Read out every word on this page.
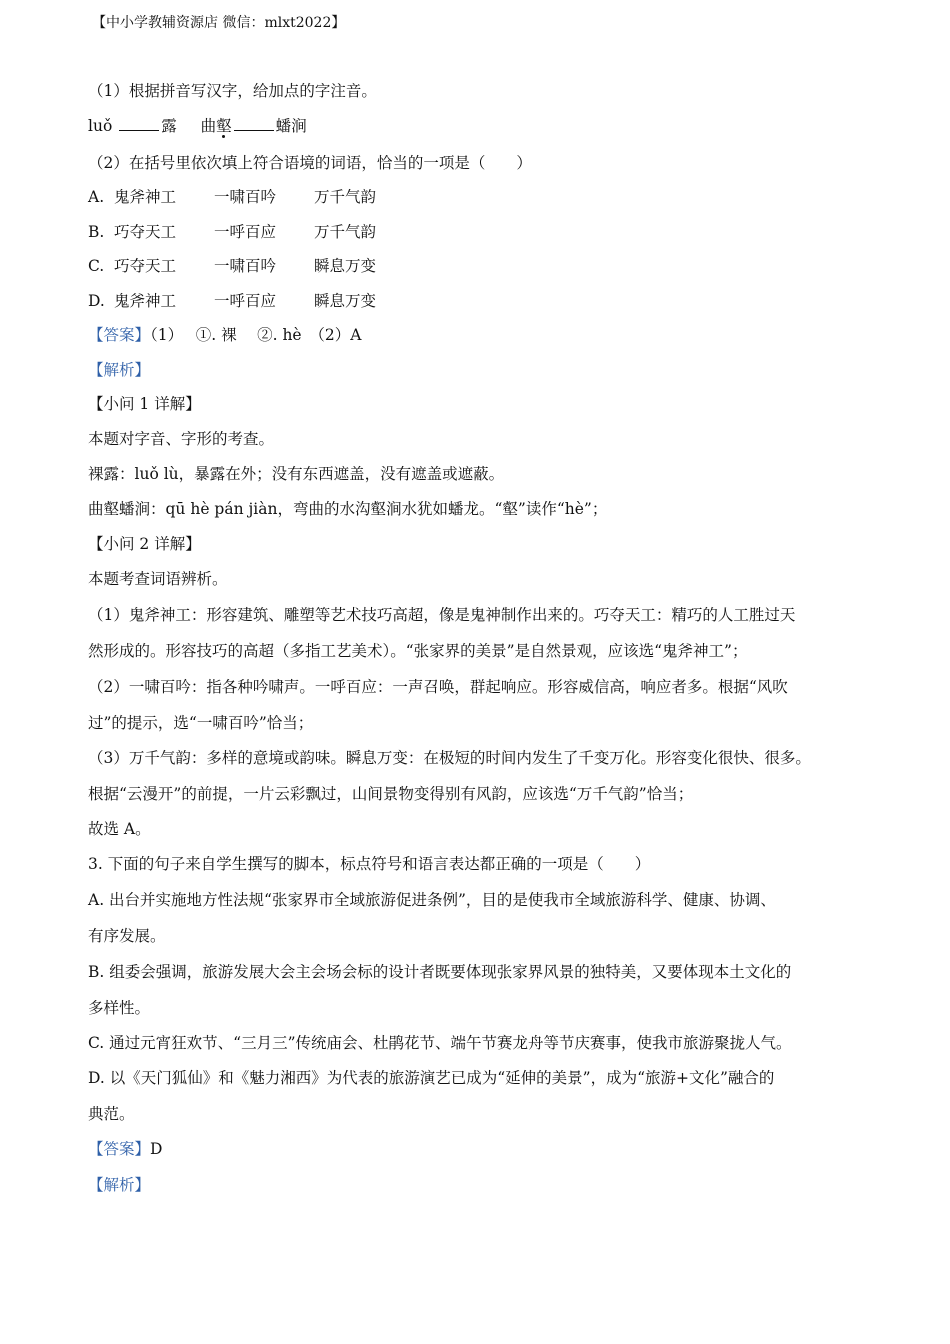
【中小学教辅资源店 微信：mlxt2022】
（1）根据拼音写汉字，给加点的字注音。
luǒ	露 曲壑	蟠涧
（2）在括号里依次填上符合语境的词语，恰当的一项是（　　）
A. 鬼斧神工 一啸百吟 万千气韵
B. 巧夺天工 一呼百应 万千气韵
C. 巧夺天工 一啸百吟 瞬息万变
D. 鬼斧神工 一呼百应 瞬息万变
【答案】（1）　 ①. 裸　 ②. hè　（2）A
【解析】
【小问 1 详解】
本题对字音、字形的考查。
裸露：luǒ lù，暴露在外；没有东西遮盖，没有遮盖或遮蔽。
曲壑蟠涧：qū hè pán jiàn，弯曲的水沟壑涧水犹如蟠龙。“壑”读作“hè”；
【小问 2 详解】
本题考查词语辨析。
（1）鬼斧神工：形容建筑、雕塑等艺术技巧高超，像是鬼神制作出来的。巧夺天工：精巧的人工胜过天
然形成的。形容技巧的高超（多指工艺美术）。“张家界的美景”是自然景观，应该选“鬼斧神工”；
（2）一啸百吟：指各种吟啸声。一呼百应：一声召唤，群起响应。形容威信高，响应者多。根据“风吹
过”的提示，选“一啸百吟”恰当；
（3）万千气韵：多样的意境或韵味。瞬息万变：在极短的时间内发生了千变万化。形容变化很快、很多。
根据“云漫开”的前提，一片云彩飘过，山间景物变得别有风韵，应该选“万千气韵”恰当；
故选 A。
3. 下面的句子来自学生撰写的脚本，标点符号和语言表达都正确的一项是（　　）
A. 出台并实施地方性法规“张家界市全域旅游促进条例”，目的是使我市全域旅游科学、健康、协调、
有序发展。
B. 组委会强调，旅游发展大会主会场会标的设计者既要体现张家界风景的独特美，又要体现本土文化的
多样性。
C. 通过元宵狂欢节、“三月三”传统庙会、杜鹃花节、端午节赛龙舟等节庆赛事，使我市旅游聚拢人气。
D. 以《天门狐仙》和《魅力湘西》为代表的旅游演艺已成为“延伸的美景”，成为“旅游+文化”融合的
典范。
【答案】D
【解析】
